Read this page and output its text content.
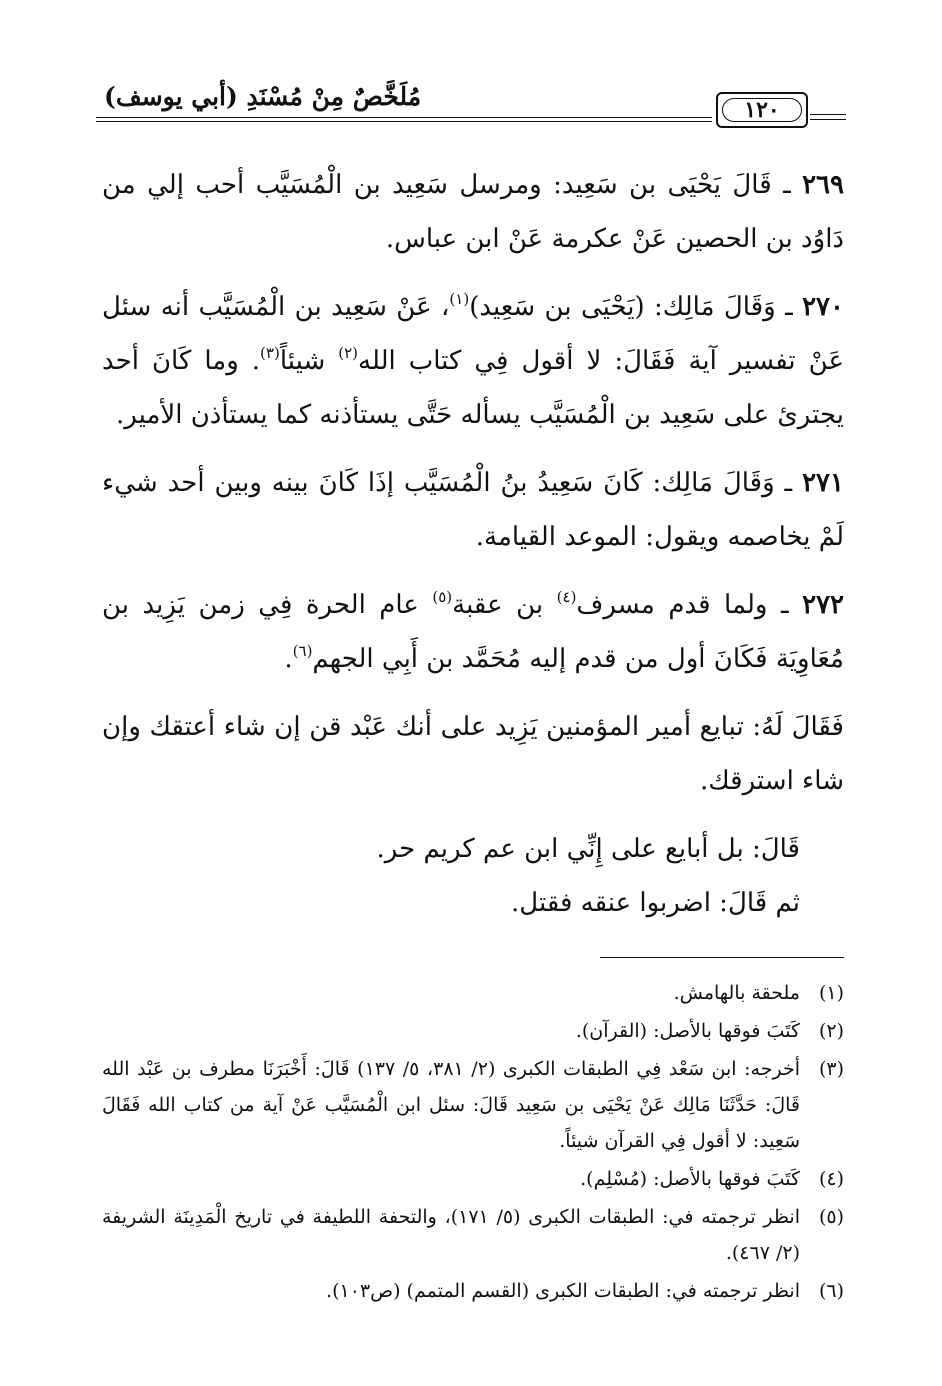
مُلَخَّصٌ مِنْ مُسْنَدِ (أبي يوسف)	١٢٠

٢٦٩ ـ قَالَ يَحْيَى بن سَعِيد: ومرسل سَعِيد بن الْمُسَيَّب أحب إلي من دَاوُد بن الحصين عَنْ عكرمة عَنْ ابن عباس.

٢٧٠ ـ وَقَالَ مَالِك: (يَحْيَى بن سَعِيد)$^{(١)}$، عَنْ سَعِيد بن الْمُسَيَّب أنه سئل عَنْ تفسير آية فَقَالَ: لا أقول فِي كتاب الله$^{(٢)}$ شيئاً$^{(٣)}$. وما كَانَ أحد يجترئ على سَعِيد بن الْمُسَيَّب يسأله حَتَّى يستأذنه كما يستأذن الأمير.

٢٧١ ـ وَقَالَ مَالِك: كَانَ سَعِيدُ بنُ الْمُسَيَّب إذَا كَانَ بينه وبين أحد شيء لَمْ يخاصمه ويقول: الموعد القيامة.

٢٧٢ ـ ولما قدم مسرف$^{(٤)}$ بن عقبة$^{(٥)}$ عام الحرة فِي زمن يَزِيد بن مُعَاوِيَة فَكَانَ أول من قدم إليه مُحَمَّد بن أَبِي الجهم$^{(٦)}$.

فَقَالَ لَهُ: تبايع أمير المؤمنين يَزِيد على أنك عَبْد قن إن شاء أعتقك وإن شاء استرقك.

قَالَ: بل أبايع على إِنِّي ابن عم كريم حر.

ثم قَالَ: اضربوا عنقه فقتل.

(١)
ملحقة بالهامش.
(٢)
كَتَبَ فوقها بالأصل: (القرآن).
(٣)
أخرجه: ابن سَعْد فِي الطبقات الكبرى (٢/ ٣٨١، ٥/ ١٣٧) قَالَ: أَخْبَرَنَا مطرف بن عَبْد الله قَالَ: حَدَّثَنَا مَالِك عَنْ يَحْيَى بن سَعِيد قَالَ: سئل ابن الْمُسَيَّب عَنْ آية من كتاب الله فَقَالَ سَعِيد: لا أقول فِي القرآن شيئاً.
(٤)
كَتَبَ فوقها بالأصل: (مُسْلِم).
(٥)
انظر ترجمته في: الطبقات الكبرى (٥/ ١٧١)، والتحفة اللطيفة في تاريخ الْمَدِينَة الشريفة (٢/ ٤٦٧).
(٦)
انظر ترجمته في: الطبقات الكبرى (القسم المتمم) (ص١٠٣).
